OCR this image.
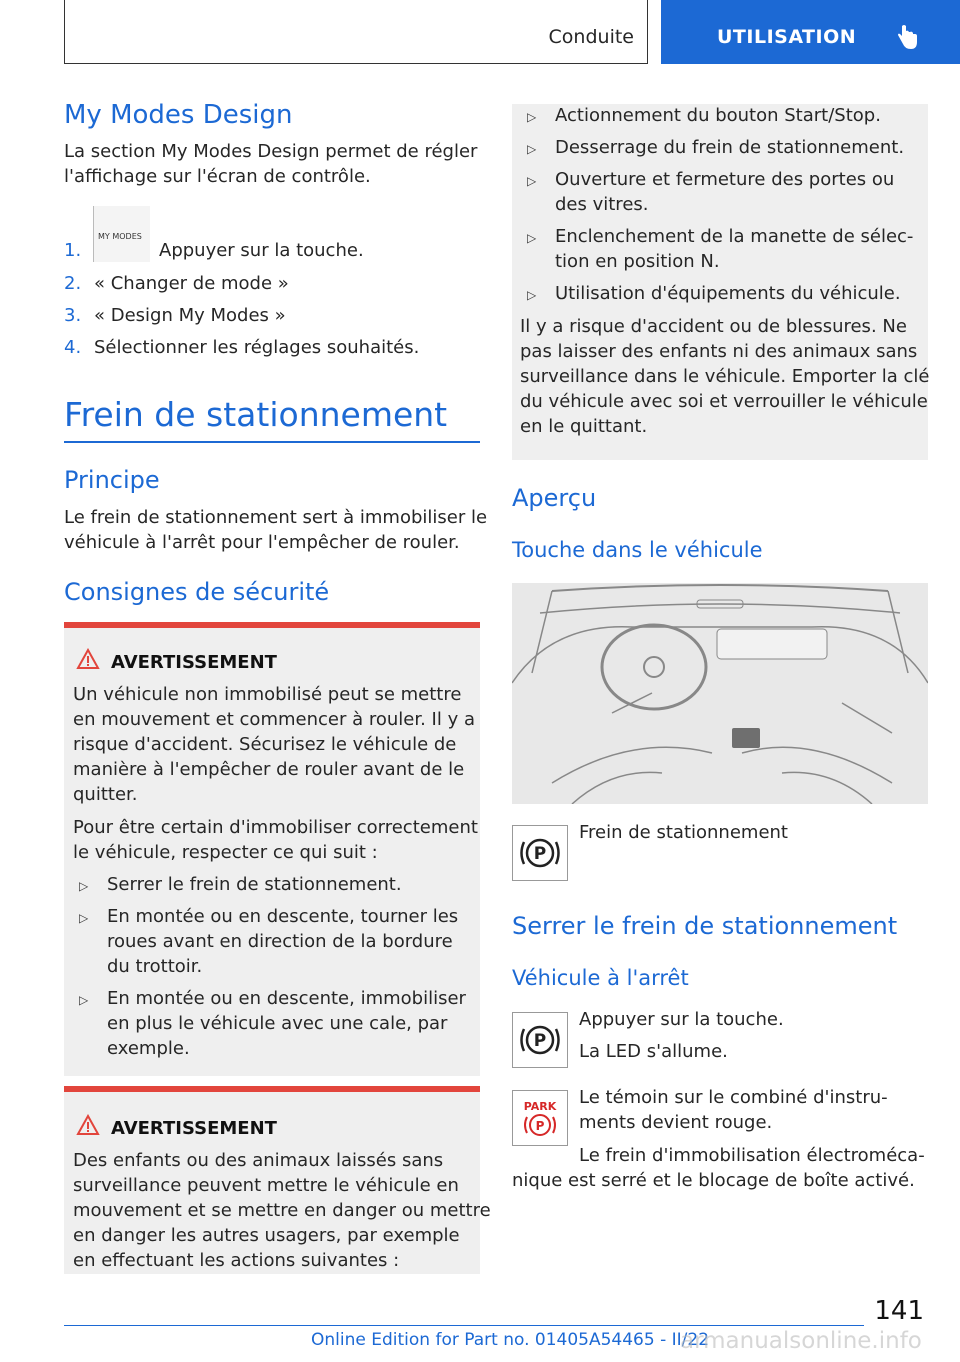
Conduite	UTILISATION
My Modes Design
La section My Modes Design permet de régler
l'affichage sur l'écran de contrôle.
1.
MY MODES
Appuyer sur la touche.
2. « Changer de mode »
3. « Design My Modes »
4. Sélectionner les réglages souhaités.
Frein de stationnement
Principe
Le frein de stationnement sert à immobiliser le
véhicule à l'arrêt pour l'empêcher de rouler.
Consignes de sécurité
AVERTISSEMENT
Un véhicule non immobilisé peut se mettre
en mouvement et commencer à rouler. Il y a
risque d'accident. Sécurisez le véhicule de
manière à l'empêcher de rouler avant de le
quitter.
Pour être certain d'immobiliser correctement
le véhicule, respecter ce qui suit :
▷ Serrer le frein de stationnement.
▷ En montée ou en descente, tourner les
roues avant en direction de la bordure
du trottoir.
▷ En montée ou en descente, immobiliser
en plus le véhicule avec une cale, par
exemple.
AVERTISSEMENT
Des enfants ou des animaux laissés sans
surveillance peuvent mettre le véhicule en
mouvement et se mettre en danger ou mettre
en danger les autres usagers, par exemple
en effectuant les actions suivantes :
▷ Actionnement du bouton Start/Stop.
▷ Desserrage du frein de stationnement.
▷ Ouverture et fermeture des portes ou
des vitres.
▷ Enclenchement de la manette de sélec-
tion en position N.
▷ Utilisation d'équipements du véhicule.
Il y a risque d'accident ou de blessures. Ne
pas laisser des enfants ni des animaux sans
surveillance dans le véhicule. Emporter la clé
du véhicule avec soi et verrouiller le véhicule
en le quittant.
Aperçu
Touche dans le véhicule
P
Frein de stationnement
Serrer le frein de stationnement
Véhicule à l'arrêt
P
Appuyer sur la touche.
La LED s'allume.
PARK
P
Le témoin sur le combiné d'instru-
ments devient rouge.
Le frein d'immobilisation électroméca-
nique est serré et le blocage de boîte activé.
141
Online Edition for Part no. 01405A54465 - II/22
armanualsonline.info
